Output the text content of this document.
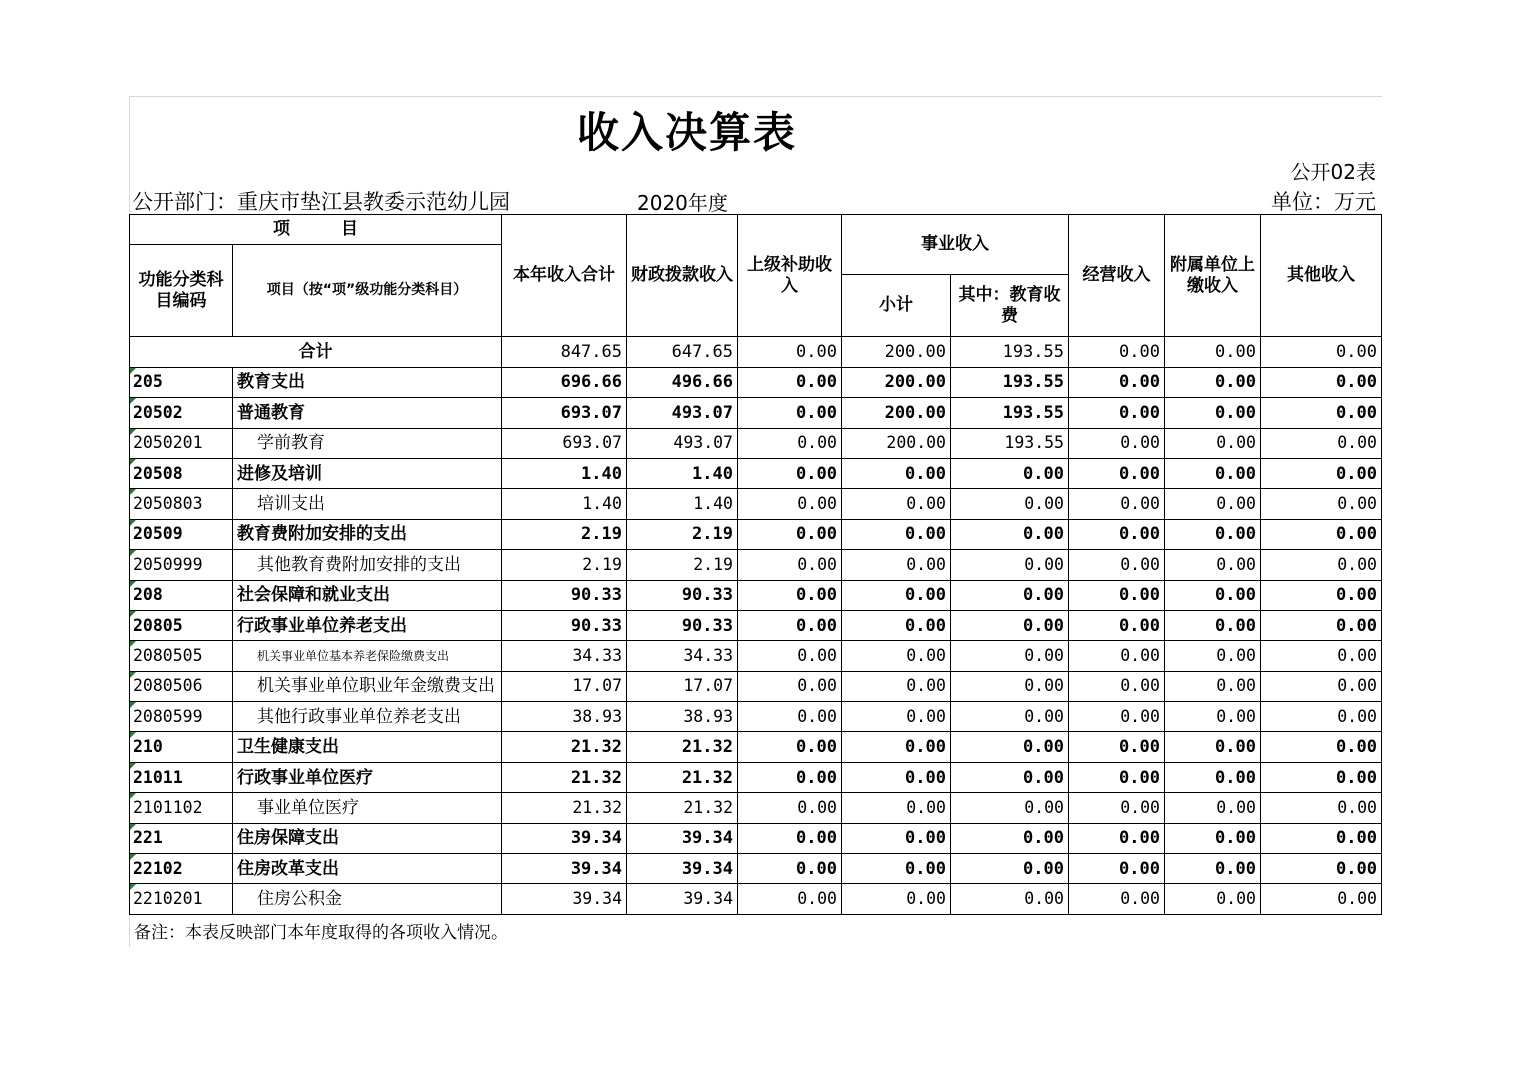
收入决算表
公开02表
公开部门：重庆市垫江县教委示范幼儿园	2020年度	单位：万元
项　　　目		本年收入合计	财政拨款收入	上级补助收入	事业收入		经营收入	附属单位上缴收入	其他收入
功能分类科目编码	项目（按“项”级功能分类科目）								
					小计	其中：教育收费			
合计		847.65	647.65	0.00	200.00	193.55	0.00	0.00	0.00

205	教育支出	696.66	496.66	0.00	200.00	193.55	0.00	0.00	0.00

20502	普通教育	693.07	493.07	0.00	200.00	193.55	0.00	0.00	0.00

2050201	学前教育	693.07	493.07	0.00	200.00	193.55	0.00	0.00	0.00

20508	进修及培训	1.40	1.40	0.00	0.00	0.00	0.00	0.00	0.00

2050803	培训支出	1.40	1.40	0.00	0.00	0.00	0.00	0.00	0.00

20509	教育费附加安排的支出	2.19	2.19	0.00	0.00	0.00	0.00	0.00	0.00

2050999	其他教育费附加安排的支出	2.19	2.19	0.00	0.00	0.00	0.00	0.00	0.00

208	社会保障和就业支出	90.33	90.33	0.00	0.00	0.00	0.00	0.00	0.00

20805	行政事业单位养老支出	90.33	90.33	0.00	0.00	0.00	0.00	0.00	0.00

2080505	机关事业单位基本养老保险缴费支出	34.33	34.33	0.00	0.00	0.00	0.00	0.00	0.00

2080506	机关事业单位职业年金缴费支出	17.07	17.07	0.00	0.00	0.00	0.00	0.00	0.00

2080599	其他行政事业单位养老支出	38.93	38.93	0.00	0.00	0.00	0.00	0.00	0.00

210	卫生健康支出	21.32	21.32	0.00	0.00	0.00	0.00	0.00	0.00

21011	行政事业单位医疗	21.32	21.32	0.00	0.00	0.00	0.00	0.00	0.00

2101102	事业单位医疗	21.32	21.32	0.00	0.00	0.00	0.00	0.00	0.00

221	住房保障支出	39.34	39.34	0.00	0.00	0.00	0.00	0.00	0.00

22102	住房改革支出	39.34	39.34	0.00	0.00	0.00	0.00	0.00	0.00

2210201	住房公积金	39.34	39.34	0.00	0.00	0.00	0.00	0.00	0.00
备注：本表反映部门本年度取得的各项收入情况。
